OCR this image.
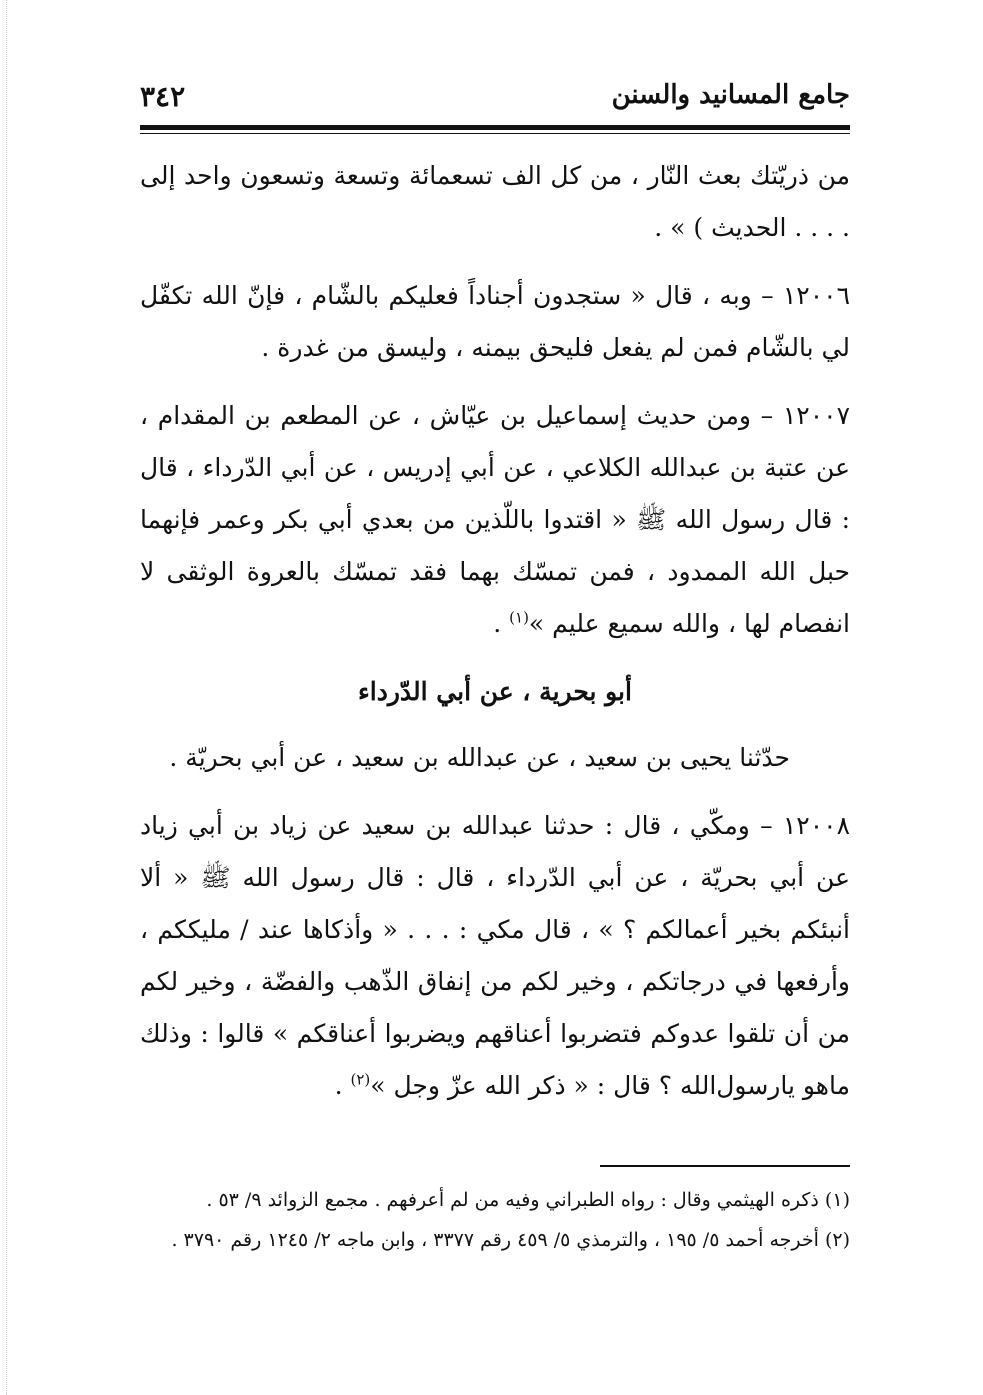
جامع المسانيد والسنن
٣٤٢

من ذريّتك بعث النّار ، من كل الف تسعمائة وتسعة وتسعون واحد إلى . . . . الحديث ) » .

١٢٠٠٦ – وبه ، قال « ستجدون أجناداً فعليكم بالشّام ، فإنّ الله تكفّل لي بالشّام فمن لم يفعل فليحق بيمنه ، وليسق من غدرة .

١٢٠٠٧ – ومن حديث إسماعيل بن عيّاش ، عن المطعم بن المقدام ، عن عتبة بن عبدالله الكلاعي ، عن أبي إدريس ، عن أبي الدّرداء ، قال : قال رسول الله ﷺ « اقتدوا باللّذين من بعدي أبي بكر وعمر فإنهما حبل الله الممدود ، فمن تمسّك بهما فقد تمسّك بالعروة الوثقى لا انفصام لها ، والله سميع عليم »$^{(١)}$ .

أبو بحرية ، عن أبي الدّرداء

حدّثنا يحيى بن سعيد ، عن عبدالله بن سعيد ، عن أبي بحريّة .

١٢٠٠٨ – ومكّي ، قال : حدثنا عبدالله بن سعيد عن زياد بن أبي زياد عن أبي بحريّة ، عن أبي الدّرداء ، قال : قال رسول الله ﷺ « ألا أنبئكم بخير أعمالكم ؟ » ، قال مكي : . . . « وأذكاها عند / مليككم ، وأرفعها في درجاتكم ، وخير لكم من إنفاق الذّهب والفضّة ، وخير لكم من أن تلقوا عدوكم فتضربوا أعناقهم ويضربوا أعناقكم » قالوا : وذلك ماهو يارسول‌الله ؟ قال : « ذكر الله عزّ وجل »$^{(٢)}$ .

(١) ذكره الهيثمي وقال : رواه الطبراني وفيه من لم أعرفهم . مجمع الزوائد ٩/ ٥٣ .

(٢) أخرجه أحمد ٥/ ١٩٥ ، والترمذي ٥/ ٤٥٩ رقم ٣٣٧٧ ، وابن ماجه ٢/ ١٢٤٥ رقم ٣٧٩٠ .
